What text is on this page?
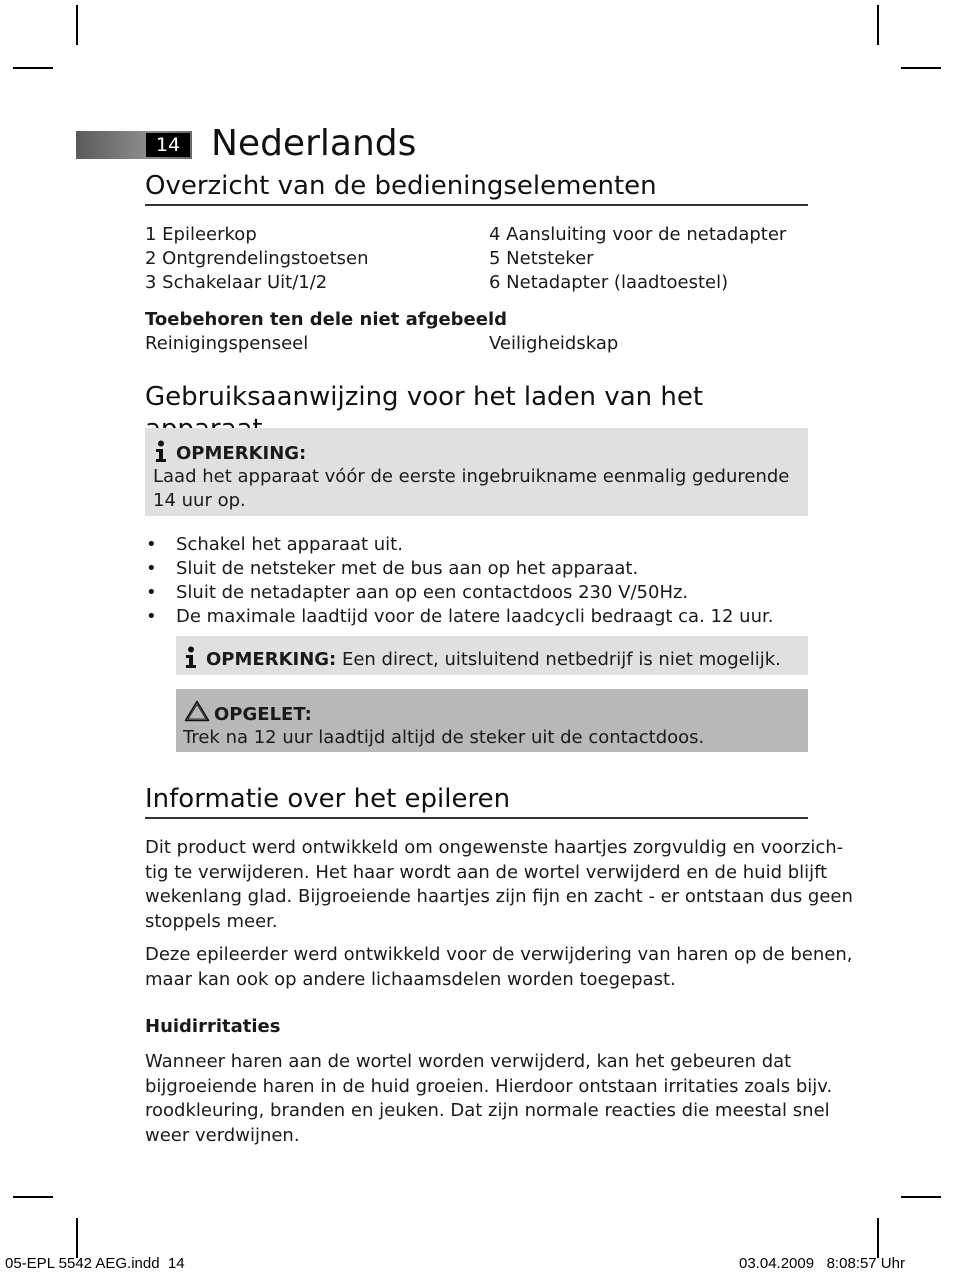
14 Nederlands
Overzicht van de bedieningselementen
1 Epileerkop
2 Ontgrendelingstoetsen
3 Schakelaar Uit/1/2
4 Aansluiting voor de netadapter
5 Netsteker
6 Netadapter (laadtoestel)
Toebehoren ten dele niet afgebeeld
Reinigingspenseel	Veiligheidskap
Gebruiksaanwijzing voor het laden van het
OPMERKING:
Laad het apparaat vóór de eerste ingebruikname eenmalig gedurende
14 uur op.
• Schakel het apparaat uit.
• Sluit de netsteker met de bus aan op het apparaat.
• Sluit de netadapter aan op een contactdoos 230 V/50Hz.
• De maximale laadtijd voor de latere laadcycli bedraagt ca. 12 uur.
OPMERKING: Een direct, uitsluitend netbedrijf is niet mogelijk.
OPGELET:
Trek na 12 uur laadtijd altijd de steker uit de contactdoos.
Informatie over het epileren
Dit product werd ontwikkeld om ongewenste haartjes zorgvuldig en voorzich-
tig te verwijderen. Het haar wordt aan de wortel verwijderd en de huid blijft
wekenlang glad. Bijgroeiende haartjes zijn fijn en zacht - er ontstaan dus geen
stoppels meer.
Deze epileerder werd ontwikkeld voor de verwijdering van haren op de benen,
maar kan ook op andere lichaamsdelen worden toegepast.
Huidirritaties
Wanneer haren aan de wortel worden verwijderd, kan het gebeuren dat
bijgroeiende haren in de huid groeien. Hierdoor ontstaan irritaties zoals bijv.
roodkleuring, branden en jeuken. Dat zijn normale reacties die meestal snel
weer verdwijnen.
05-EPL 5542 AEG.indd 14	03.04.2009 8:08:57 Uhr
